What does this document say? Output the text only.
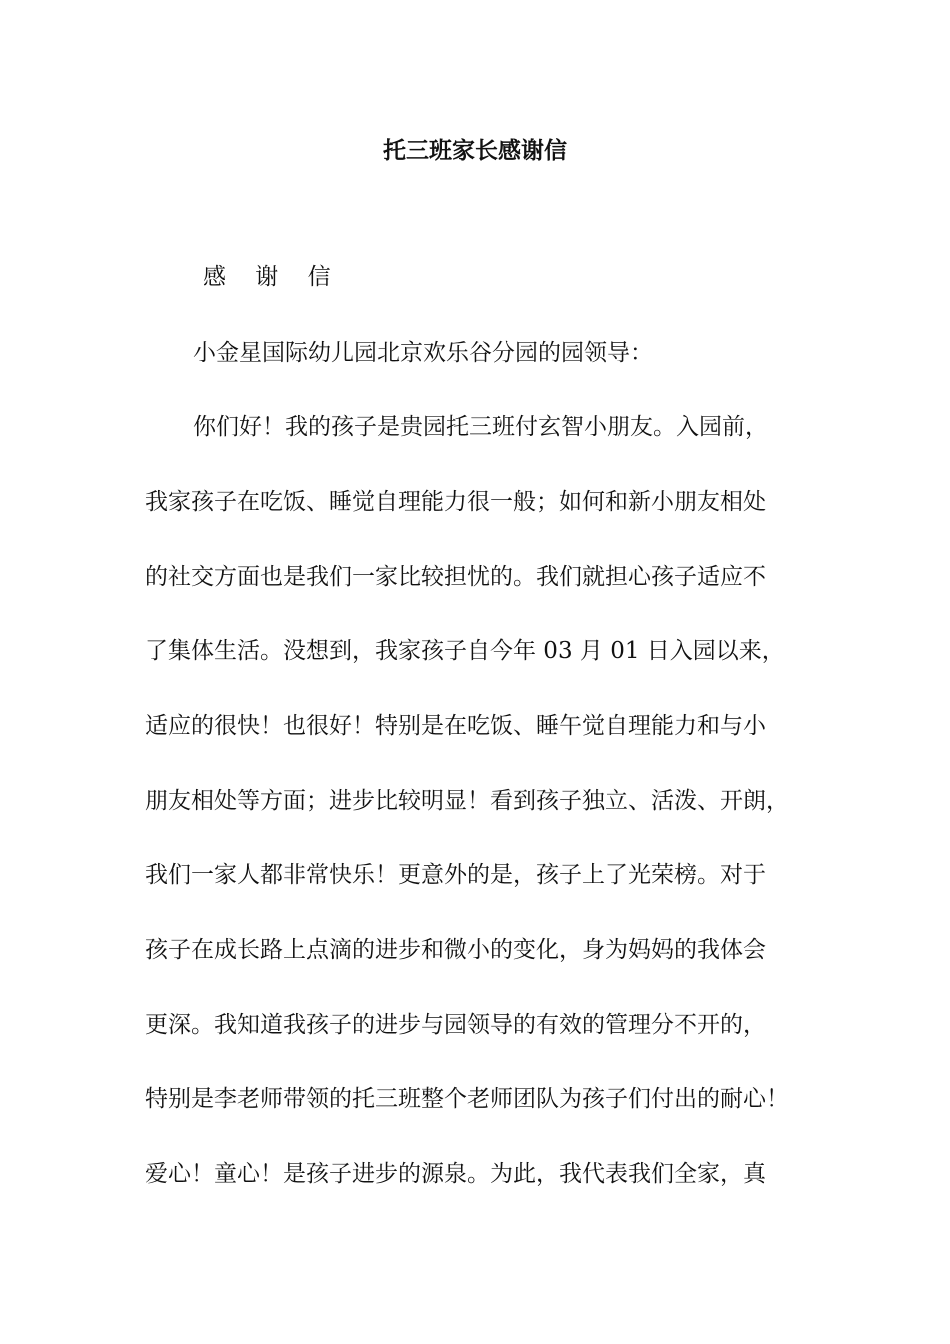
托三班家长感谢信
感 谢 信
小金星国际幼儿园北京欢乐谷分园的园领导：
你们好！我的孩子是贵园托三班付玄智小朋友。入园前，
我家孩子在吃饭、睡觉自理能力很一般；如何和新小朋友相处
的社交方面也是我们一家比较担忧的。我们就担心孩子适应不
了集体生活。没想到，我家孩子自今年 03 月 01 日入园以来，
适应的很快！也很好！特别是在吃饭、睡午觉自理能力和与小
朋友相处等方面；进步比较明显！看到孩子独立、活泼、开朗，
我们一家人都非常快乐！更意外的是，孩子上了光荣榜。对于
孩子在成长路上点滴的进步和微小的变化，身为妈妈的我体会
更深。我知道我孩子的进步与园领导的有效的管理分不开的，
特别是李老师带领的托三班整个老师团队为孩子们付出的耐心！
爱心！童心！是孩子进步的源泉。为此，我代表我们全家，真
